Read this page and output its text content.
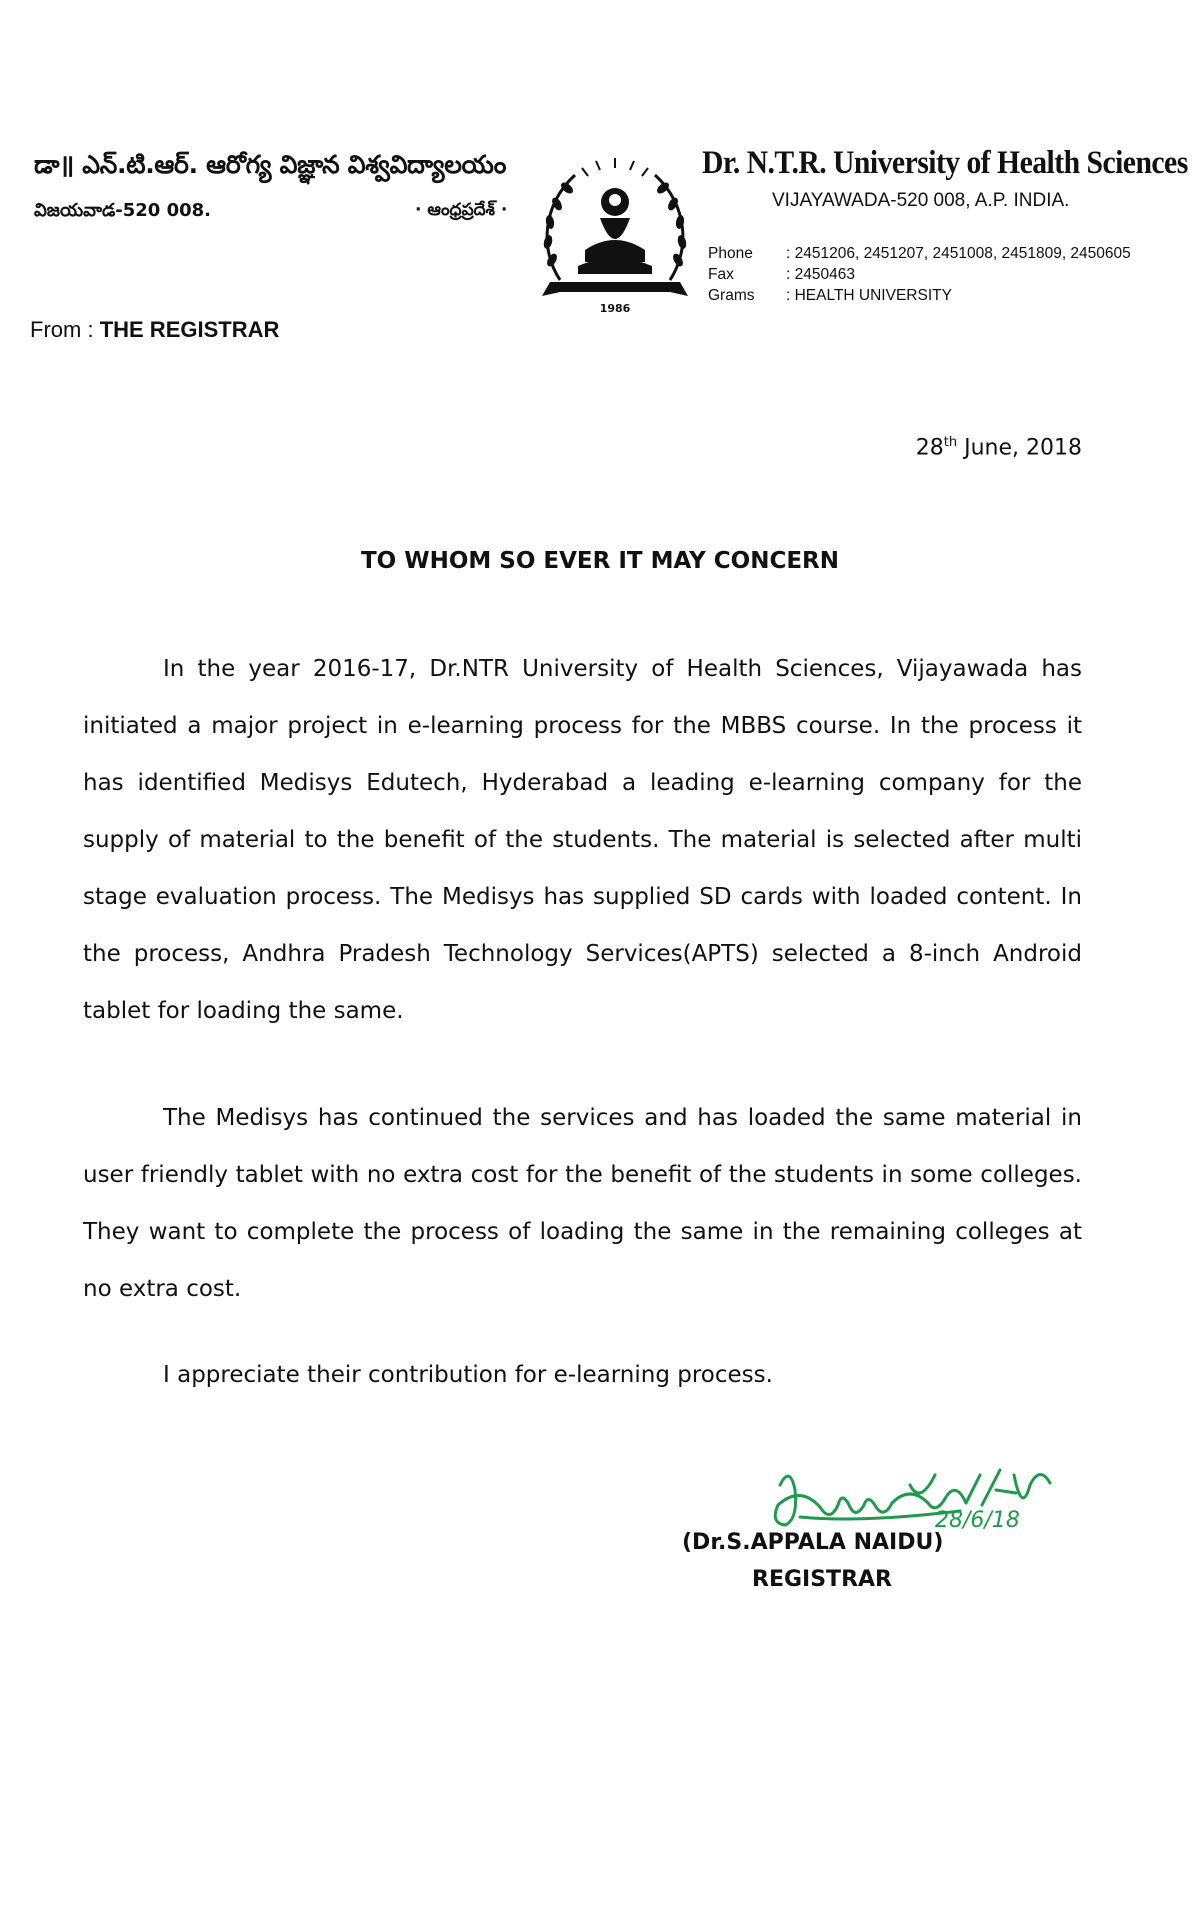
డా॥ ఎన్.టి.ఆర్. ఆరోగ్య విజ్ఞాన విశ్వవిద్యాలయం
విజయవాడ-520 008.	· ఆంధ్రప్రదేశ్ ·
1986
Dr. N.T.R. University of Health Sciences
VIJAYAWADA-520 008, A.P. INDIA.
Phone	: 2451206, 2451207, 2451008, 2451809, 2450605
Fax	: 2450463
Grams	: HEALTH UNIVERSITY
From : THE REGISTRAR
28th June, 2018
TO WHOM SO EVER IT MAY CONCERN

In the year 2016-17, Dr.NTR University of Health Sciences, Vijayawada has initiated a major project in e-learning process for the MBBS course. In the process it has identified Medisys Edutech, Hyderabad a leading e-learning company for the supply of material to the benefit of the students. The material is selected after multi stage evaluation process. The Medisys has supplied SD cards with loaded content. In the process, Andhra Pradesh Technology Services(APTS) selected a 8-inch Android tablet for loading the same.

The Medisys has continued the services and has loaded the same material in user friendly tablet with no extra cost for the benefit of the students in some colleges. They want to complete the process of loading the same in the remaining colleges at no extra cost.

I appreciate their contribution for e-learning process.

28/6/18
(Dr.S.APPALA NAIDU)
REGISTRAR
